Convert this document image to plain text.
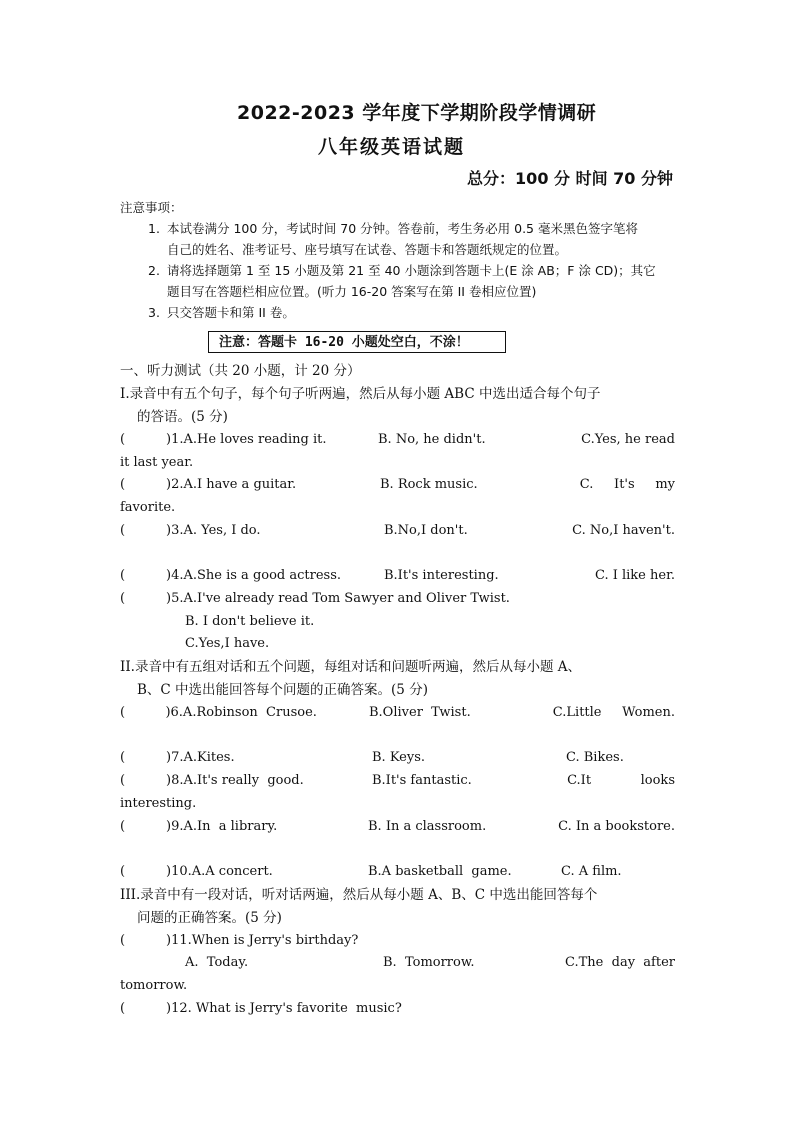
2022-2023 学年度下学期阶段学情调研
八年级英语试题
总分：100 分 时间 70 分钟
注意事项：
1. 本试卷满分 100 分，考试时间 70 分钟。答卷前，考生务必用 0.5 毫米黑色签字笔将
自己的姓名、准考证号、座号填写在试卷、答题卡和答题纸规定的位置。
2. 请将选择题第 1 至 15 小题及第 21 至 40 小题涂到答题卡上(E 涂 AB；F 涂 CD)；其它
题目写在答题栏相应位置。(听力 16-20 答案写在第 II 卷相应位置)
3. 只交答题卡和第 II 卷。
注意：答题卡 16-20 小题处空白，不涂！
一、听力测试（共 20 小题，计 20 分）
I.录音中有五个句子，每个句子听两遍，然后从每小题 ABC 中选出适合每个句子
的答语。(5 分)
(	)1.A.He loves reading it.	B. No, he didn't.	C.Yes, he read
it last year.
(	)2.A.I have a guitar.	B. Rock music.	C.     It's     my
favorite.
(	)3.A. Yes, I do.	B.No,I don't.	C. No,I haven't.
(	)4.A.She is a good actress.	B.It's interesting.	C. I like her.
(	)5.A.I've already read Tom Sawyer and Oliver Twist.
B. I don't believe it.
C.Yes,I have.
II.录音中有五组对话和五个问题，每组对话和问题听两遍，然后从每小题 A、
B、C 中选出能回答每个问题的正确答案。(5 分)
(	)6.A.Robinson  Crusoe.	B.Oliver  Twist.	C.Little     Women.
(	)7.A.Kites.	B. Keys.	C. Bikes.
(	)8.A.It's really  good.	B.It's fantastic.	C.It            looks
interesting.
(	)9.A.In  a library.	B. In a classroom.	C. In a bookstore.
(	)10.A.A concert.	B.A basketball  game.	C. A film.
III.录音中有一段对话，听对话两遍，然后从每小题 A、B、C 中选出能回答每个
问题的正确答案。(5 分)
(	)11.When is Jerry's birthday?
A.  Today.	B.  Tomorrow.	C.The  day  after
tomorrow.
(	)12. What is Jerry's favorite  music?
